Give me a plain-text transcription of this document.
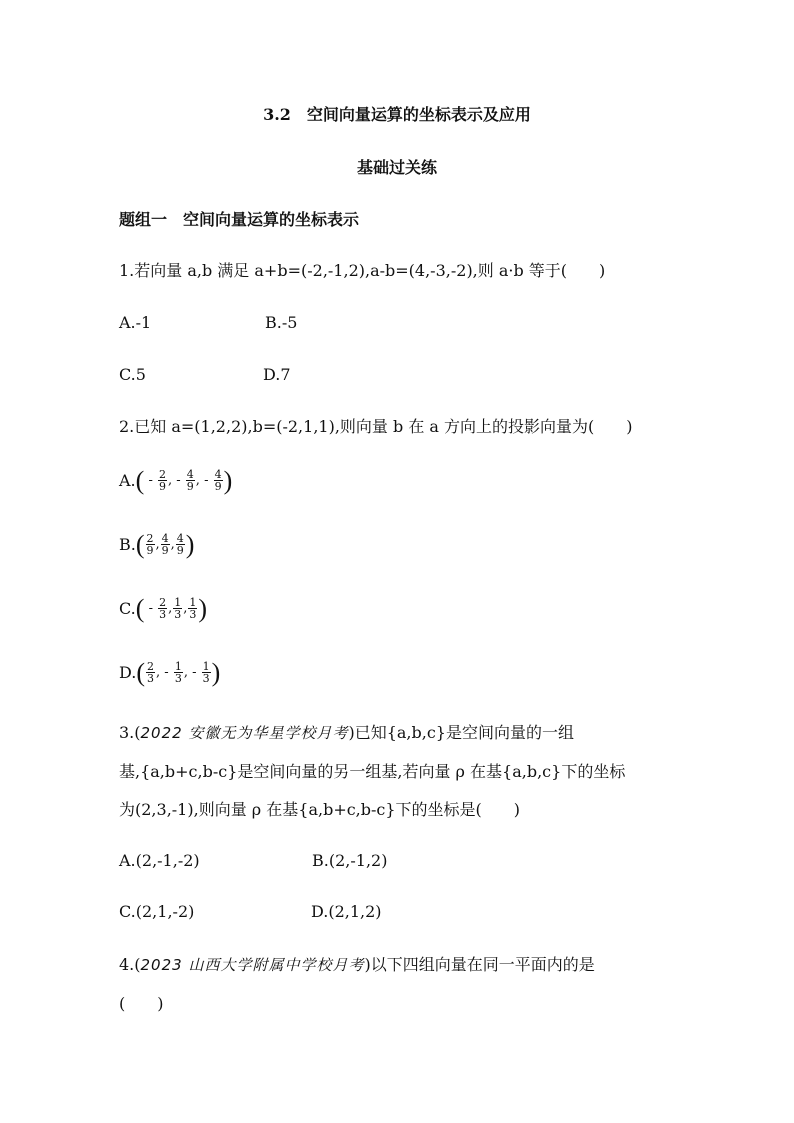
3.2　空间向量运算的坐标表示及应用
基础过关练
题组一　空间向量运算的坐标表示
1.若向量 a,b 满足 a+b=(-2,-1,2),a-b=(4,-3,-2),则 a·b 等于(　　)
A.-1	B.-5
C.5	D.7
2.已知 a=(1,2,2),b=(-2,1,1),则向量 b 在 a 方向上的投影向量为(　　)
A. ( - $\frac{2}{9}$ , - $\frac{4}{9}$ , - $\frac{4}{9}$ )
B. ( $\frac{2}{9}$ , $\frac{4}{9}$ , $\frac{4}{9}$ )
C. ( - $\frac{2}{3}$ , $\frac{1}{3}$ , $\frac{1}{3}$ )
D. ( $\frac{2}{3}$ , - $\frac{1}{3}$ , - $\frac{1}{3}$ )
3.(2022 安徽无为华星学校月考)已知{a,b,c}是空间向量的一组
基,{a,b+c,b-c}是空间向量的另一组基,若向量 ρ 在基{a,b,c}下的坐标
为(2,3,-1),则向量 ρ 在基{a,b+c,b-c}下的坐标是(　　)
A.(2,-1,-2)	B.(2,-1,2)
C.(2,1,-2)	D.(2,1,2)
4.(2023 山西大学附属中学校月考)以下四组向量在同一平面内的是
(　　)
